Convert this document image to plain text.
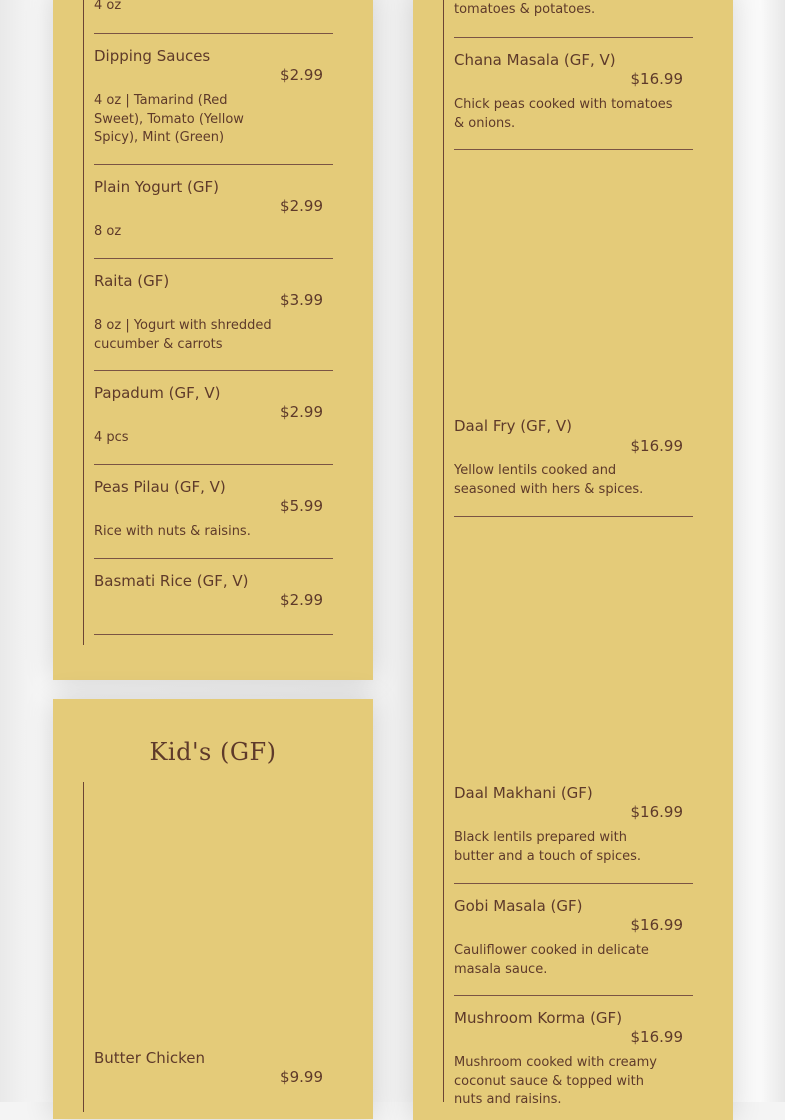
4 oz
Dipping Sauces
$2.99
4 oz | Tamarind (Red Sweet), Tomato (Yellow Spicy), Mint (Green)
Plain Yogurt (GF)
$2.99
8 oz
Raita (GF)
$3.99
8 oz | Yogurt with shredded cucumber & carrots
Papadum (GF, V)
$2.99
4 pcs
Peas Pilau (GF, V)
$5.99
Rice with nuts & raisins.
Basmati Rice (GF, V)
$2.99
Kid's (GF)
Butter Chicken
$9.99
tomatoes & potatoes.
Chana Masala (GF, V)
$16.99
Chick peas cooked with tomatoes & onions.
Daal Fry (GF, V)
$16.99
Yellow lentils cooked and seasoned with hers & spices.
Daal Makhani (GF)
$16.99
Black lentils prepared with butter and a touch of spices.
Gobi Masala (GF)
$16.99
Cauliflower cooked in delicate masala sauce.
Mushroom Korma (GF)
$16.99
Mushroom cooked with creamy coconut sauce & topped with nuts and raisins.
